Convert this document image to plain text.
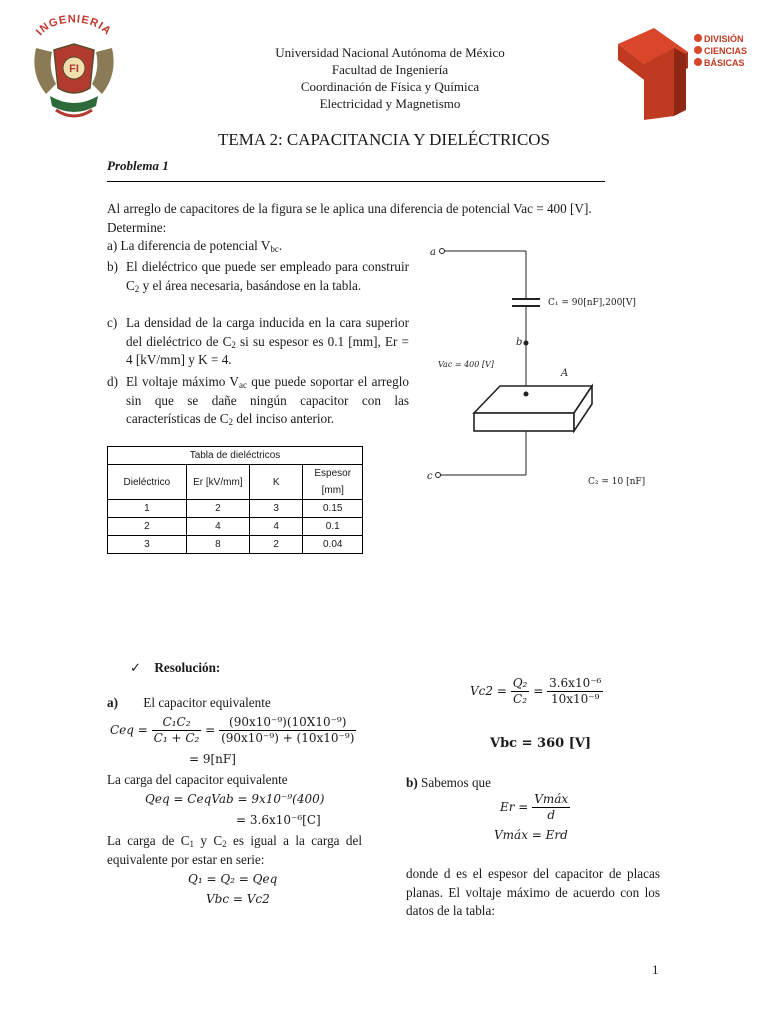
INGENIERIA
FI
DIVISIÓN
CIENCIAS
BÁSICAS
Universidad Nacional Autónoma de México
Facultad de Ingeniería
Coordinación de Física y Química
Electricidad y Magnetismo
TEMA 2: CAPACITANCIA Y DIELÉCTRICOS
Problema 1
Al arreglo de capacitores de la figura se le aplica una diferencia de potencial Vac = 400 [V].
Determine:
a) La diferencia de potencial $V_{bc}$.
b) El dieléctrico que puede ser empleado para construir $C_2$ y el área necesaria, basándose en la tabla.
c) La densidad de la carga inducida en la cara superior del dieléctrico de $C_2$ si su espesor es 0.1 [mm], Er = 4 [kV/mm] y K = 4.
d) El voltaje máximo $V_{ac}$ que puede soportar el arreglo sin que se dañe ningún capacitor con las características de $C_2$ del inciso anterior.
Tabla de dieléctricos			
Dieléctrico	Er [kV/mm]	K	Espesor [mm]
1	2	3	0.15
2	4	4	0.1
3	8	2	0.04
a
C₁ = 90[nF],200[V]
b
Vac = 400 [V]
A
c	C₂ = 10 [nF]
✓ Resolución:
a) El capacitor equivalente
Ceq = $\frac{\text{C₁C₂}}{\text{C₁ + C₂}} = \frac{\text{(90x10⁻⁹)(10X10⁻⁹)}}{\text{(90x10⁻⁹) + (10x10⁻⁹)}}$
= 9[nF]
La carga del capacitor equivalente
Qeq = CeqVab = 9x10⁻⁹(400)
= 3.6x10⁻⁶[C]
La carga de $C_1$ y $C_2$ es igual a la carga del equivalente por estar en serie:
Q₁ = Q₂ = Qeq
Vbc = Vc2
$Vc2 = \frac{\text{Q₂}}{\text{C₂}} = \frac{\text{3.6x10⁻⁶}}{\text{10x10⁻⁹}}$
Vbc = 360 [V]
b) Sabemos que
$Er = \frac{\text{Vmáx}}{d}$
Vmáx = Erd
donde d es el espesor del capacitor de placas planas. El voltaje máximo de acuerdo con los datos de la tabla:
1
